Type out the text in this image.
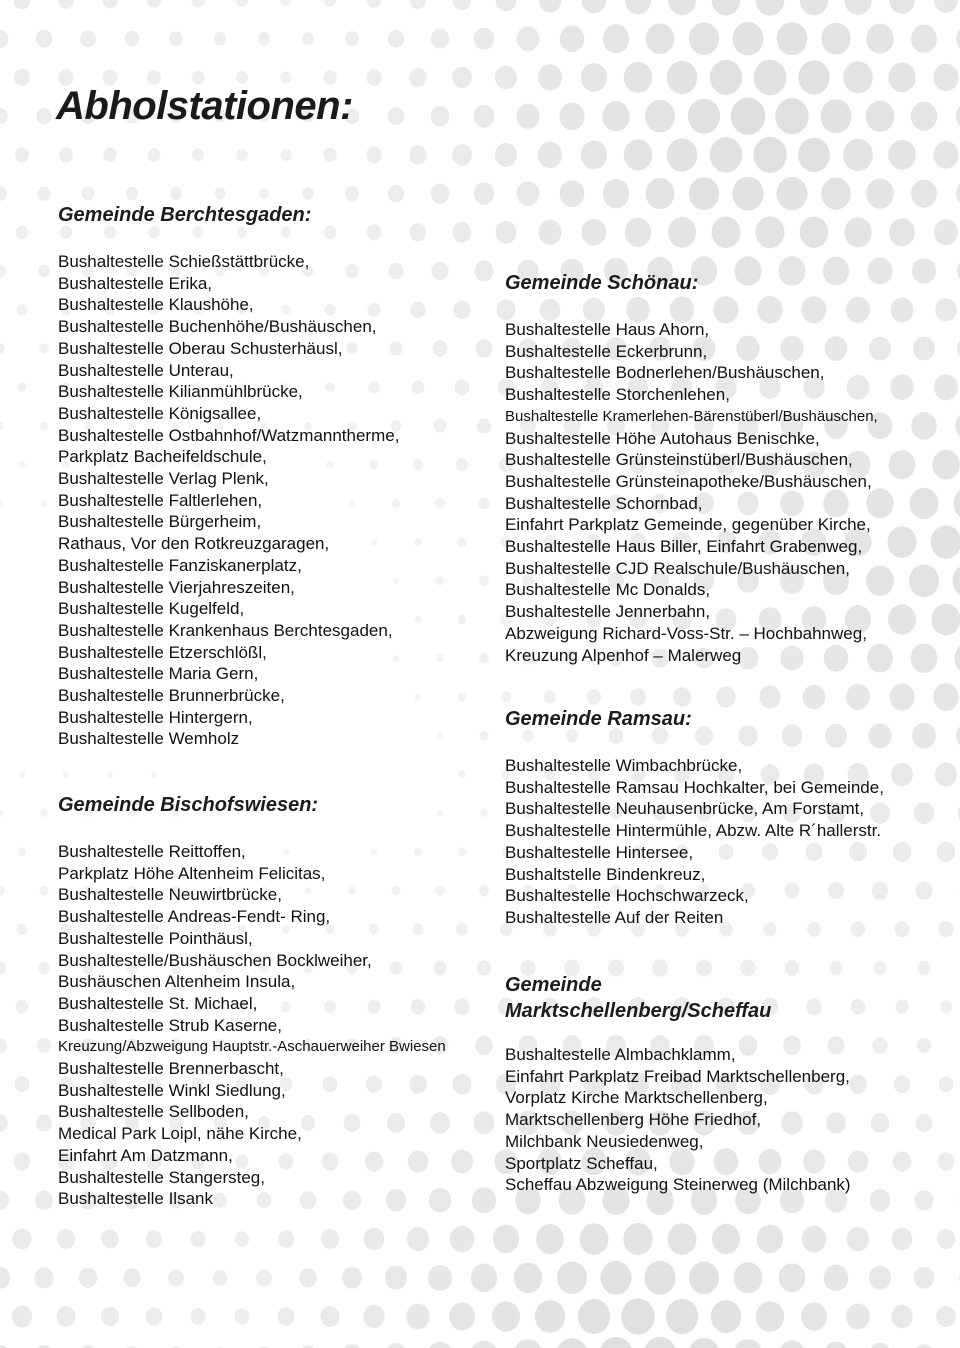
Abholstationen:
Gemeinde Berchtesgaden:
Bushaltestelle Schießstättbrücke,
Bushaltestelle Erika,
Bushaltestelle Klaushöhe,
Bushaltestelle Buchenhöhe/Bushäuschen,
Bushaltestelle Oberau Schusterhäusl,
Bushaltestelle Unterau,
Bushaltestelle Kilianmühlbrücke,
Bushaltestelle Königsallee,
Bushaltestelle Ostbahnhof/Watzmanntherme,
Parkplatz Bacheifeldschule,
Bushaltestelle Verlag Plenk,
Bushaltestelle Faltlerlehen,
Bushaltestelle Bürgerheim,
Rathaus, Vor den Rotkreuzgaragen,
Bushaltestelle Fanziskanerplatz,
Bushaltestelle Vierjahreszeiten,
Bushaltestelle Kugelfeld,
Bushaltestelle Krankenhaus Berchtesgaden,
Bushaltestelle Etzerschlößl,
Bushaltestelle Maria Gern,
Bushaltestelle Brunnerbrücke,
Bushaltestelle Hintergern,
Bushaltestelle Wemholz
Gemeinde Bischofswiesen:
Bushaltestelle Reittoffen,
Parkplatz Höhe Altenheim Felicitas,
Bushaltestelle Neuwirtbrücke,
Bushaltestelle Andreas-Fendt- Ring,
Bushaltestelle Pointhäusl,
Bushaltestelle/Bushäuschen Bocklweiher,
Bushäuschen Altenheim Insula,
Bushaltestelle St. Michael,
Bushaltestelle Strub Kaserne,
Kreuzung/Abzweigung Hauptstr.-Aschauerweiher Bwiesen
Bushaltestelle Brennerbascht,
Bushaltestelle Winkl Siedlung,
Bushaltestelle Sellboden,
Medical Park Loipl, nähe Kirche,
Einfahrt Am Datzmann,
Bushaltestelle Stangersteg,
Bushaltestelle Ilsank
Gemeinde Schönau:
Bushaltestelle Haus Ahorn,
Bushaltestelle Eckerbrunn,
Bushaltestelle Bodnerlehen/Bushäuschen,
Bushaltestelle Storchenlehen,
Bushaltestelle Kramerlehen-Bärenstüberl/Bushäuschen,
Bushaltestelle Höhe Autohaus Benischke,
Bushaltestelle Grünsteinstüberl/Bushäuschen,
Bushaltestelle Grünsteinapotheke/Bushäuschen,
Bushaltestelle Schornbad,
Einfahrt Parkplatz Gemeinde, gegenüber Kirche,
Bushaltestelle Haus Biller, Einfahrt Grabenweg,
Bushaltestelle CJD Realschule/Bushäuschen,
Bushaltestelle Mc Donalds,
Bushaltestelle Jennerbahn,
Abzweigung Richard-Voss-Str. – Hochbahnweg,
Kreuzung Alpenhof – Malerweg
Gemeinde Ramsau:
Bushaltestelle Wimbachbrücke,
Bushaltestelle Ramsau Hochkalter, bei Gemeinde,
Bushaltestelle Neuhausenbrücke, Am Forstamt,
Bushaltestelle Hintermühle, Abzw. Alte R´hallerstr.
Bushaltestelle Hintersee,
Bushaltstelle Bindenkreuz,
Bushaltestelle Hochschwarzeck,
Bushaltestelle Auf der Reiten
Gemeinde
Marktschellenberg/Scheffau
Bushaltestelle Almbachklamm,
Einfahrt Parkplatz Freibad Marktschellenberg,
Vorplatz Kirche Marktschellenberg,
Marktschellenberg Höhe Friedhof,
Milchbank Neusiedenweg,
Sportplatz Scheffau,
Scheffau Abzweigung Steinerweg (Milchbank)
